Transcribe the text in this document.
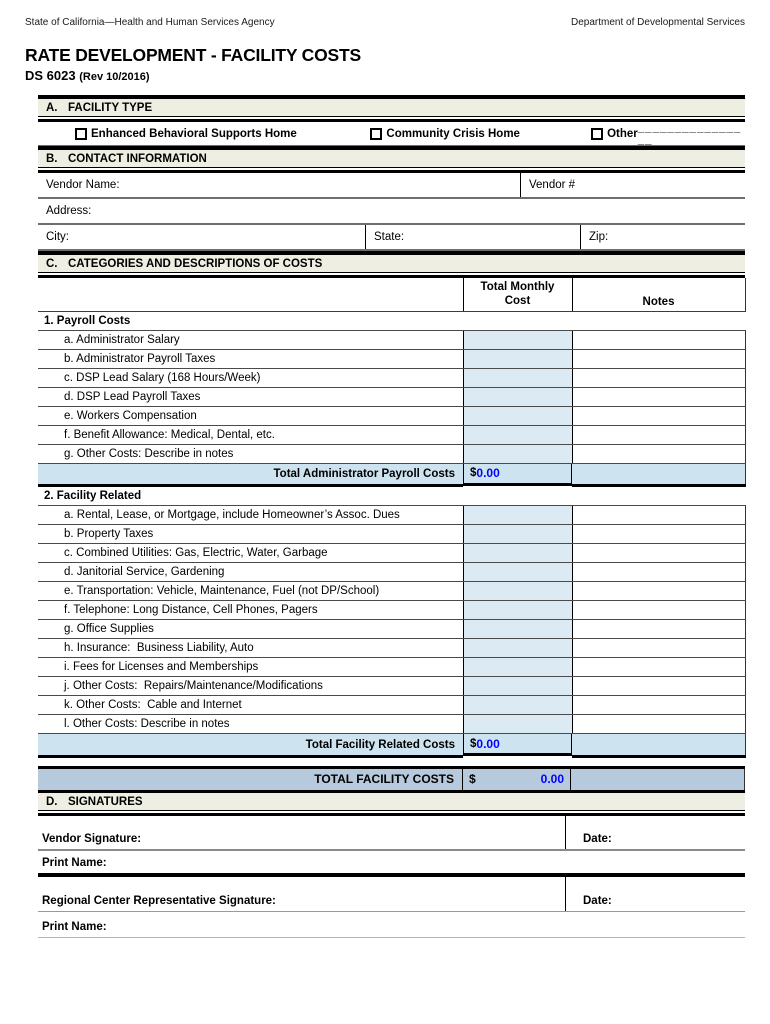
State of California—Health and Human Services Agency	Department of Developmental Services
RATE DEVELOPMENT - FACILITY COSTS
DS 6023 (Rev 10/2016)
A. FACILITY TYPE
Enhanced Behavioral Supports Home	Community Crisis Home	Other ______________ __
B. CONTACT INFORMATION
Vendor Name:	Vendor #
Address:
City:	State:	Zip:
C. CATEGORIES AND DESCRIPTIONS OF COSTS
	Total Monthly Cost	Notes
1. Payroll Costs		
a. Administrator Salary		
b. Administrator Payroll Taxes		
c. DSP Lead Salary (168 Hours/Week)		
d. DSP Lead Payroll Taxes		
e. Workers Compensation		
f. Benefit Allowance: Medical, Dental, etc.		
g. Other Costs: Describe in notes		
Total Administrator Payroll Costs	$ 0.00

2. Facility Related		
a. Rental, Lease, or Mortgage, include Homeowner’s Assoc. Dues		
b. Property Taxes		
c. Combined Utilities: Gas, Electric, Water, Garbage		
d. Janitorial Service, Gardening		
e. Transportation: Vehicle, Maintenance, Fuel (not DP/School)		
f. Telephone: Long Distance, Cell Phones, Pagers		
g. Office Supplies		
h. Insurance:  Business Liability, Auto		
i. Fees for Licenses and Memberships		
j. Other Costs:  Repairs/Maintenance/Modifications		
k. Other Costs:  Cable and Internet		
l. Other Costs: Describe in notes		
Total Facility Related Costs	$ 0.00
TOTAL FACILITY COSTS	$	0.00
D. SIGNATURES
Vendor Signature:	Date:
Print Name:
Regional Center Representative Signature:	Date:
Print Name:
